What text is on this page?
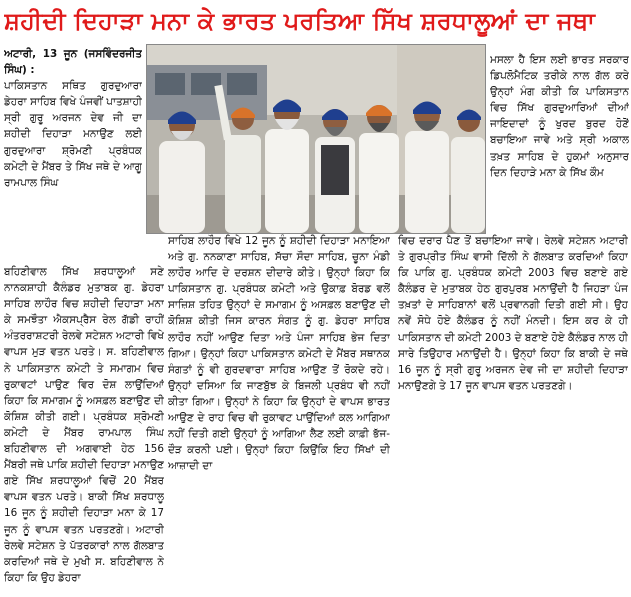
ਸ਼ਹੀਦੀ ਦਿਹਾੜਾ ਮਨਾ ਕੇ ਭਾਰਤ ਪਰਤਿਆ ਸਿੱਖ ਸ਼ਰਧਾਲੂਆਂ ਦਾ ਜਥਾ

ਅਟਾਰੀ, 13 ਜੂਨ (ਜਸਵਿੰਦਰਜੀਤ ਸਿੰਘ) :

ਪਾਕਿਸਤਾਨ ਸਥਿਤ ਗੁਰਦੁਆਰਾ ਡੇਹਰਾ ਸਾਹਿਬ ਵਿਖੇ ਪੰਜਵੀਂ ਪਾਤਸ਼ਾਹੀ ਸ੍ਰੀ ਗੁਰੂ ਅਰਜਨ ਦੇਵ ਜੀ ਦਾ ਸ਼ਹੀਦੀ ਦਿਹਾੜਾ ਮਨਾਉਣ ਲਈ ਗੁਰਦੁਆਰਾ ਸ਼੍ਰੋਮਣੀ ਪ੍ਰਬੰਧਕ ਕਮੇਟੀ ਦੇ ਮੈਂਬਰ ਤੇ ਸਿੱਖ ਜਥੇ ਦੇ ਆਗੂ ਰਾਮਪਾਲ ਸਿੰਘ

ਮਸਲਾ ਹੈ ਇਸ ਲਈ ਭਾਰਤ ਸਰਕਾਰ ਡਿਪਲੋਮੈਟਿਕ ਤਰੀਕੇ ਨਾਲ ਗੱਲ ਕਰੇ ਉਨ੍ਹਾਂ ਮੰਗ ਕੀਤੀ ਕਿ ਪਾਕਿਸਤਾਨ ਵਿਚ ਸਿੱਖ ਗੁਰਦੁਆਰਿਆਂ ਦੀਆਂ ਜਾਇਦਾਦਾਂ ਨੂੰ ਖੁਰਦ ਬੁਰਦ ਹੋਣੋਂ ਬਚਾਇਆ ਜਾਵੇ ਅਤੇ ਸ੍ਰੀ ਅਕਾਲ ਤਖ਼ਤ ਸਾਹਿਬ ਦੇ ਹੁਕਮਾਂ ਅਨੁਸਾਰ ਦਿਨ ਦਿਹਾੜੇ ਮਨਾ ਕੇ ਸਿੱਖ ਕੌਮ

ਬਹਿਣੀਵਾਲ ਸਿੱਖ ਸ਼ਰਧਾਲੂਆਂ ਸਣੇ ਨਾਨਕਸ਼ਾਹੀ ਕੈਲੰਡਰ ਮੁਤਾਬਕ ਗੁ. ਡੇਹਰਾ ਸਾਹਿਬ ਲਾਹੌਰ ਵਿਚ ਸ਼ਹੀਦੀ ਦਿਹਾੜਾ ਮਨਾ ਕੇ ਸਮਝੌਤਾ ਐਕਸਪ੍ਰੈਸ ਰੇਲ ਗੱਡੀ ਰਾਹੀਂ ਅੰਤਰਰਾਸ਼ਟਰੀ ਰੇਲਵੇ ਸਟੇਸ਼ਨ ਅਟਾਰੀ ਵਿਖੇ ਵਾਪਸ ਮੁੜ ਵਤਨ ਪਰਤੇ। ਸ. ਬਹਿਣੀਵਾਲ ਨੇ ਪਾਕਿਸਤਾਨ ਕਮੇਟੀ ਤੇ ਸਮਾਗਮ ਵਿਚ ਰੁਕਾਵਟਾਂ ਪਾਉਣ ਵਿਰ ਦੋਸ਼ ਲਾਉਂਦਿਆਂ ਕਿਹਾ ਕਿ ਸਮਾਗਮ ਨੂੰ ਅਸਫ਼ਲ ਬਣਾਉਣ ਦੀ ਕੋਸ਼ਿਸ਼ ਕੀਤੀ ਗਈ। ਪ੍ਰਬੰਧਕ ਸ਼੍ਰੋਮਣੀ ਕਮੇਟੀ ਦੇ ਮੈਂਬਰ ਰਾਮਪਾਲ ਸਿੰਘ ਬਹਿਣੀਵਾਲ ਦੀ ਅਗਵਾਈ ਹੇਠ 156 ਮੈਂਬਰੀ ਜਥੇ ਪਾਕਿ ਸ਼ਹੀਦੀ ਦਿਹਾੜਾ ਮਨਾਉਣ ਗਏ ਸਿੱਖ ਸ਼ਰਧਾਲੂਆਂ ਵਿਚੋਂ 20 ਮੈਂਬਰ ਵਾਪਸ ਵਤਨ ਪਰਤੇ। ਬਾਕੀ ਸਿੱਖ ਸ਼ਰਧਾਲੂ 16 ਜੂਨ ਨੂੰ ਸ਼ਹੀਦੀ ਦਿਹਾੜਾ ਮਨਾ ਕੇ 17 ਜੂਨ ਨੂੰ ਵਾਪਸ ਵਤਨ ਪਰਤਣਗੇ। ਅਟਾਰੀ ਰੇਲਵੇ ਸਟੇਸ਼ਨ ਤੇ ਪੱਤਰਕਾਰਾਂ ਨਾਲ ਗੱਲਬਾਤ ਕਰਦਿਆਂ ਜਥੇ ਦੇ ਮੁਖੀ ਸ. ਬਹਿਣੀਵਾਲ ਨੇ ਕਿਹਾ ਕਿ ਉਹ ਡੇਹਰਾ

ਸਾਹਿਬ ਲਾਹੌਰ ਵਿਖੇ 12 ਜੂਨ ਨੂੰ ਸ਼ਹੀਦੀ ਦਿਹਾੜਾ ਮਨਾਇਆ ਅਤੇ ਗੁ. ਨਨਕਾਣਾ ਸਾਹਿਬ, ਸੱਚਾ ਸੌਦਾ ਸਾਹਿਬ, ਚੂਨਾ ਮੰਡੀ ਲਾਹੌਰ ਆਦਿ ਦੇ ਦਰਸ਼ਨ ਦੀਦਾਰੇ ਕੀਤੇ। ਉਨ੍ਹਾਂ ਕਿਹਾ ਕਿ ਪਾਕਿਸਤਾਨ ਗੁ. ਪ੍ਰਬੰਧਕ ਕਮੇਟੀ ਅਤੇ ਉਕਾਫ਼ ਬੋਰਡ ਵਲੋਂ ਸਾਜ਼ਿਸ਼ ਤਹਿਤ ਉਨ੍ਹਾਂ ਦੇ ਸਮਾਗਮ ਨੂੰ ਅਸਫ਼ਲ ਬਣਾਉਣ ਦੀ ਕੋਸ਼ਿਸ਼ ਕੀਤੀ ਜਿਸ ਕਾਰਨ ਸੰਗਤ ਨੂੰ ਗੁ. ਡੇਹਰਾ ਸਾਹਿਬ ਲਾਹੌਰ ਨਹੀਂ ਆਉਣ ਦਿਤਾ ਅਤੇ ਪੰਜਾ ਸਾਹਿਬ ਭੇਜ ਦਿਤਾ ਗਿਆ। ਉਨ੍ਹਾਂ ਕਿਹਾ ਪਾਕਿਸਤਾਨ ਕਮੇਟੀ ਦੇ ਮੈਂਬਰ ਸਥਾਨਕ ਸੰਗਤਾਂ ਨੂੰ ਵੀ ਗੁਰਦਵਾਰਾ ਸਾਹਿਬ ਆਉਣ ਤੋਂ ਰੋਕਦੇ ਰਹੇ। ਉਨ੍ਹਾਂ ਦਸਿਆ ਕਿ ਜਾਣਬੁੱਝ ਕੇ ਬਿਜਲੀ ਪ੍ਰਬੰਧ ਵੀ ਨਹੀਂ ਕੀਤਾ ਗਿਆ। ਉਨ੍ਹਾਂ ਨੇ ਕਿਹਾ ਕਿ ਉਨ੍ਹਾਂ ਦੇ ਵਾਪਸ ਭਾਰਤ ਆਉਣ ਦੇ ਰਾਹ ਵਿਚ ਵੀ ਰੁਕਾਵਟ ਪਾਉਂਦਿਆਂ ਕਲ ਆਗਿਆ ਨਹੀਂ ਦਿਤੀ ਗਈ ਉਨ੍ਹਾਂ ਨੂੰ ਆਗਿਆ ਲੈਣ ਲਈ ਕਾਫ਼ੀ ਭੱਜ-ਦੌੜ ਕਰਨੀ ਪਈ। ਉਨ੍ਹਾਂ ਕਿਹਾ ਕਿਉਂਕਿ ਇਹ ਸਿੱਖਾਂ ਦੀ ਆਜ਼ਾਦੀ ਦਾ

ਵਿਚ ਦਰਾਰ ਪੈਣ ਤੋਂ ਬਚਾਇਆ ਜਾਵੇ। ਰੇਲਵੇ ਸਟੇਸ਼ਨ ਅਟਾਰੀ ਤੇ ਗੁਰਪ੍ਰੀਤ ਸਿੰਘ ਵਾਸੀ ਦਿੱਲੀ ਨੇ ਗੱਲਬਾਤ ਕਰਦਿਆਂ ਕਿਹਾ ਕਿ ਪਾਕਿ ਗੁ. ਪ੍ਰਬੰਧਕ ਕਮੇਟੀ 2003 ਵਿਚ ਬਣਾਏ ਗਏ ਕੈਲੰਡਰ ਦੇ ਮੁਤਾਬਕ ਹੇਠ ਗੁਰਪੁਰਬ ਮਨਾਉਂਦੀ ਹੈ ਜਿਹੜਾ ਪੰਜ ਤਖ਼ਤਾਂ ਦੇ ਸਾਹਿਬਾਨਾਂ ਵਲੋਂ ਪ੍ਰਵਾਨਗੀ ਦਿਤੀ ਗਈ ਸੀ। ਉਹ ਨਵੇਂ ਸੋਧੇ ਹੋਏ ਕੈਲੰਡਰ ਨੂੰ ਨਹੀਂ ਮੰਨਦੀ। ਇਸ ਕਰ ਕੇ ਹੀ ਪਾਕਿਸਤਾਨ ਦੀ ਕਮੇਟੀ 2003 ਦੇ ਬਣਾਏ ਹੋਏ ਕੈਲੰਡਰ ਨਾਲ ਹੀ ਸਾਰੇ ਤਿਉਹਾਰ ਮਨਾਉਂਦੀ ਹੈ। ਉਨ੍ਹਾਂ ਕਿਹਾ ਕਿ ਬਾਕੀ ਦੇ ਜਥੇ 16 ਜੂਨ ਨੂੰ ਸ੍ਰੀ ਗੁਰੂ ਅਰਜਨ ਦੇਵ ਜੀ ਦਾ ਸ਼ਹੀਦੀ ਦਿਹਾੜਾ ਮਨਾਉਣਗੇ ਤੇ 17 ਜੂਨ ਵਾਪਸ ਵਤਨ ਪਰਤਣਗੇ।
